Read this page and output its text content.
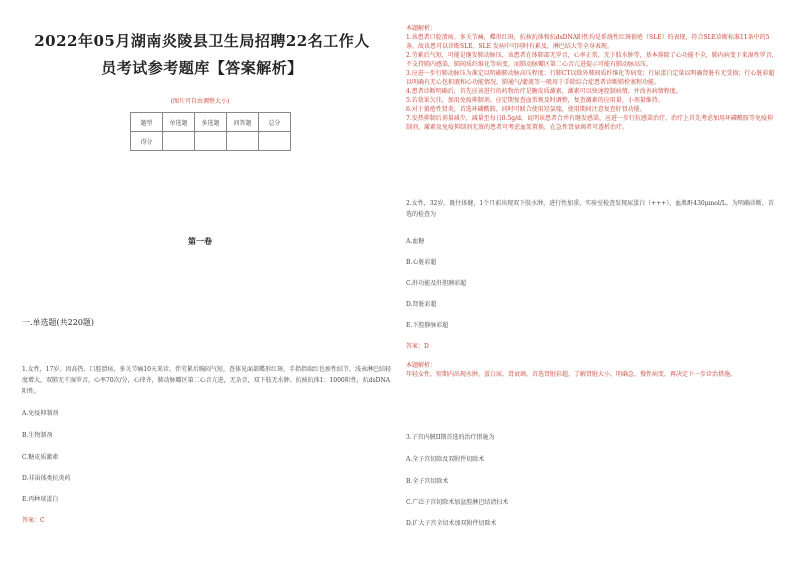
2022年05月湖南炎陵县卫生局招聘22名工作人
员考试参考题库【答案解析】
(图片可自由调整大小)
题型	单选题	多选题	问答题	总分
得分				
第一卷
一.单选题(共220题)
1.女性，17岁。因高热、口腔溃疡，多关节痛10天来诊。伴劳累后胸闷气短，查体见面部蝶形红斑，手指指端红色瘀性结节，浅表淋巴结轻度增大，双肺无干湿罗音，心率70次/分，心律齐，肺动脉瓣区第二心音亢进，无杂音，双下肢无水肿。抗核抗体1：1000阳性，抗dsDNA阳性。
A.免疫抑制剂
B.生物制剂
C.糖皮质激素
D.非甾体类抗炎药
E.丙种球蛋白
答案：C
本题解析：
1.该患者口腔溃疡、多关节痛，蝶形红斑，抗核抗体和抗dsDNA阳性均是系统性红斑狼疮（SLE）的表现，符合SLE诊断标准11条中的5条，故该患可以诊断SLE。SLE 发病中可同时有累及，淋巴结大等全身表现。
2.劳累后气短，可能是继发肺动脉压，该患者在体肺部无罗音，心率正常，无下肢水肿等，基本排除了心功能不全，肺内病变下来湿性罗音，不支持肺内感染，肺间质纤维化等病变，而肺动脉瓣区第二心音亢进提示可能有肺动脉高压。
3.应进一步行肺动脉压为准定以明确肺动脉高压程度；行肺CT以除外肺间质纤维化等病变；行尿蛋白定量以明确肾脏有无受损；行心脏彩超以明确有无心包积液和心功能情况，肺通气/灌流等一般用于手除综合症患者诊断肺栓塞程功能。
4.患者诊断明确后，首先应该进行的药物治疗是糖皮质激素，激素可以快速控制病情，并改善病情程度。
5.若效果欠佳，加用免疫抑制剂。应定期复查血常规及时调整，复查激素的应用量，小剂量维持。
6.对于狼疮性肾炎，首选环磷酰胺，同时可联合使用羟氯喹，使用期间注意复查肝肾功能。
7.发热抑制后剂量减少，减量至每日0.5g/d，说明该患者合并有继发感染，应进一步行抗感染治疗，治疗上首先考虑加用环磷酰胺等免疫抑制剂，激素及免疫抑制剂无效的患者可考虑血浆置换，在急性肾衰竭者可透析治疗。
2.女性，32岁。既往体健，1个月前出现双下肢水肿，进行性加重，实验室检查发现尿蛋白（+++），血肌酐430μmol/L。为明确诊断，首选的检查为
A.血糖
B.心脏彩超
C.肝功能及肝胆胰彩超
D.肾脏彩超
E.下腔静脉彩超
答案：D
本题解析：
年轻女性，短期内出现水肿、蛋白尿，肾衰竭，首选肾脏彩超，了解肾脏大小，明确急、慢性病变，再决定下一步诊治措施。
3.子宫内膜II期首选的治疗措施为
A.全子宫切除及双附件切除术
B.全子宫切除术
C.广泛子宫切除术加盆腔淋巴结清扫术
D.扩大子宫全切术加双附件切除术
